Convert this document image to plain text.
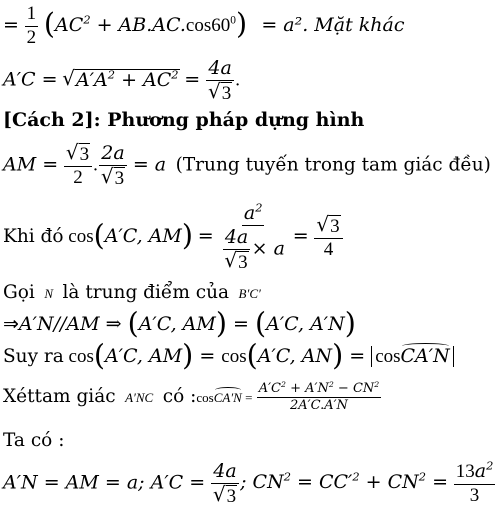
= $\frac{1}{2} (AC^2 + AB.AC.\cos 60^0) = a^2$. Mặt khác
A′C = √ $A'A^2 + AC^2 = \frac{4a}{√ 3}$ .
[Cách 2]: Phương pháp dựng hình
AM = $\frac{√ 3}{2}$ . $\frac{2a}{√ 3} = a$ (Trung tuyến trong tam giác đều)
Khi đó cos(A′C, $AM) = \frac{a^2}{\frac{4a}{√ 3} \times a} = \frac{√ 3}{4}$
Gọi N là trung điểm của B′C′
⇒A′N//AM ⇒ (A′C, AM) = (A′C, A′N)
Suy ra cos(A′C, AM) = cos(A′C, AN) = cosCA′N
Xéttam giác A′NC có :cosCA′N = $\frac{A'C^2 + A'N^2 - CN^2}{2A'C.A'N}$
Ta có :
A′N = AM = a; $A'C = \frac{4a}{√ 3}$ ; $CN^2 = CC'^2 + CN^2 = \frac{13a^2}{3}$
